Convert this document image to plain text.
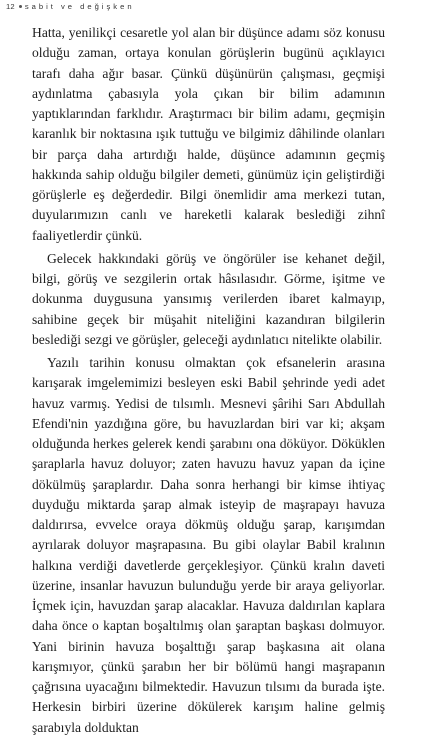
12 sabit ve değişken

Hatta, yenilikçi cesaretle yol alan bir düşünce adamı söz konusu olduğu zaman, ortaya konulan görüşlerin bugünü açıklayıcı tarafı daha ağır basar. Çünkü düşünürün çalışması, geçmişi aydınlatma çabasıyla yola çıkan bir bilim adamının yaptıklarından farklıdır. Araştırmacı bir bilim adamı, geçmişin karanlık bir noktasına ışık tuttuğu ve bilgimiz dâhilinde olanları bir parça daha artırdığı halde, düşünce adamının geçmiş hakkında sahip olduğu bilgiler demeti, günümüz için geliştirdiği görüşlerle eş değerdedir. Bilgi önemlidir ama merkezi tutan, duyularımızın canlı ve hareketli kalarak beslediği zihnî faaliyetlerdir çünkü.

Gelecek hakkındaki görüş ve öngörüler ise kehanet değil, bilgi, görüş ve sezgilerin ortak hâsılasıdır. Görme, işitme ve dokunma duygusuna yansımış verilerden ibaret kalmayıp, sahibine geçek bir müşahit niteliğini kazandıran bilgilerin beslediği sezgi ve görüşler, geleceği aydınlatıcı nitelikte olabilir.

Yazılı tarihin konusu olmaktan çok efsanelerin arasına karışarak imgelemimizi besleyen eski Babil şehrinde yedi adet havuz varmış. Yedisi de tılsımlı. Mesnevi şârihi Sarı Abdullah Efendi'nin yazdığına göre, bu havuzlardan biri var ki; akşam olduğunda herkes gelerek kendi şarabını ona döküyor. Döküklen şaraplarla havuz doluyor; zaten havuzu havuz yapan da içine dökülmüş şaraplardır. Daha sonra herhangi bir kimse ihtiyaç duyduğu miktarda şarap almak isteyip de maşrapayı havuza daldırırsa, evvelce oraya dökmüş olduğu şarap, karışımdan ayrılarak doluyor maşrapasına. Bu gibi olaylar Babil kralının halkına verdiği davetlerde gerçekleşiyor. Çünkü kralın daveti üzerine, insanlar havuzun bulunduğu yerde bir araya geliyorlar. İçmek için, havuzdan şarap alacaklar. Havuza daldırılan kaplara daha önce o kaptan boşaltılmış olan şaraptan başkası dolmuyor. Yani birinin havuza boşalttığı şarap başkasına ait olana karışmıyor, çünkü şarabın her bir bölümü hangi maşrapanın çağrısına uyacağını bilmektedir. Havuzun tılsımı da burada işte. Herkesin birbiri üzerine dökülerek karışım haline gelmiş şarabıyla dolduktan
